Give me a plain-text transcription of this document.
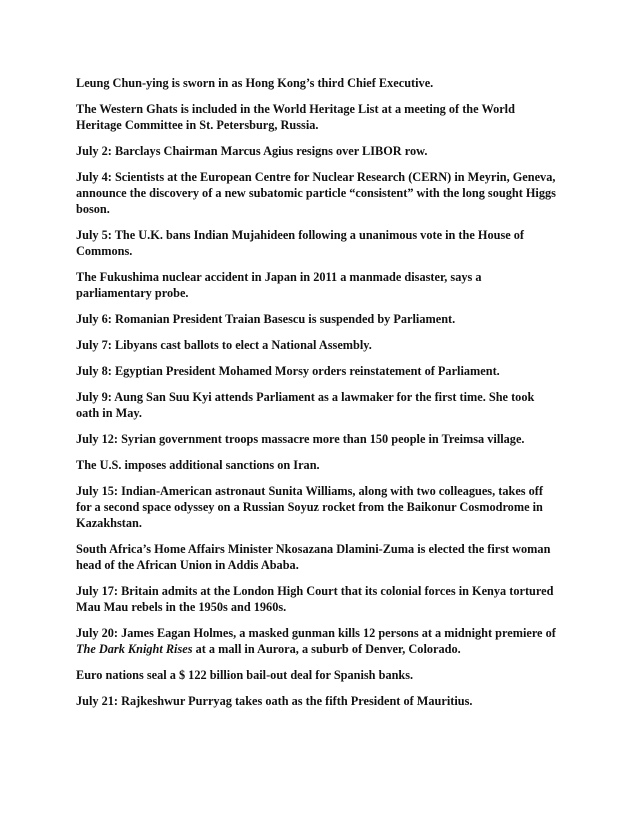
Leung Chun-ying is sworn in as Hong Kong’s third Chief Executive.

The Western Ghats is included in the World Heritage List at a meeting of the World Heritage Committee in St. Petersburg, Russia.

July 2: Barclays Chairman Marcus Agius resigns over LIBOR row.

July 4: Scientists at the European Centre for Nuclear Research (CERN) in Meyrin, Geneva, announce the discovery of a new subatomic particle “consistent” with the long sought Higgs boson.

July 5: The U.K. bans Indian Mujahideen following a unanimous vote in the House of Commons.

The Fukushima nuclear accident in Japan in 2011 a manmade disaster, says a parliamentary probe.

July 6: Romanian President Traian Basescu is suspended by Parliament.

July 7: Libyans cast ballots to elect a National Assembly.

July 8: Egyptian President Mohamed Morsy orders reinstatement of Parliament.

July 9: Aung San Suu Kyi attends Parliament as a lawmaker for the first time. She took oath in May.

July 12: Syrian government troops massacre more than 150 people in Treimsa village.

The U.S. imposes additional sanctions on Iran.

July 15: Indian-American astronaut Sunita Williams, along with two colleagues, takes off for a second space odyssey on a Russian Soyuz rocket from the Baikonur Cosmodrome in Kazakhstan.

South Africa’s Home Affairs Minister Nkosazana Dlamini-Zuma is elected the first woman head of the African Union in Addis Ababa.

July 17: Britain admits at the London High Court that its colonial forces in Kenya tortured Mau Mau rebels in the 1950s and 1960s.

July 20: James Eagan Holmes, a masked gunman kills 12 persons at a midnight premiere of The Dark Knight Rises at a mall in Aurora, a suburb of Denver, Colorado.

Euro nations seal a $ 122 billion bail-out deal for Spanish banks.

July 21: Rajkeshwur Purryag takes oath as the fifth President of Mauritius.
